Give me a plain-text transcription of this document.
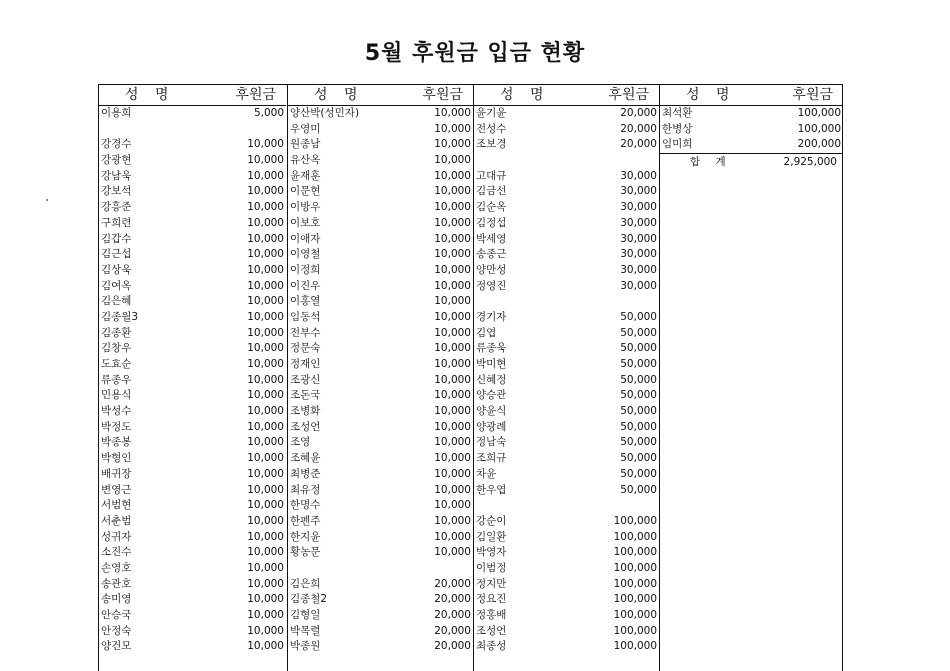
5월 후원금 입금 현황
성 명	후원금
이용희	5,000
강경수	10,000
강광현	10,000
강남욱	10,000
강보석	10,000
강흥준	10,000
구희련	10,000
김갑수	10,000
김근섭	10,000
김상욱	10,000
김여옥	10,000
김은혜	10,000
김종월3	10,000
김종환	10,000
김창우	10,000
도효순	10,000
류종우	10,000
민용식	10,000
박성수	10,000
박정도	10,000
박종봉	10,000
박형인	10,000
배귀장	10,000
변영근	10,000
서범현	10,000
서춘범	10,000
성귀자	10,000
소진수	10,000
손영호	10,000
송관호	10,000
송미영	10,000
안승국	10,000
안정숙	10,000
양건모	10,000
성 명	후원금
양산박(성민자)	10,000
우영미	10,000
원종남	10,000
유산옥	10,000
윤재훈	10,000
이문현	10,000
이방우	10,000
이보호	10,000
이애자	10,000
이영철	10,000
이정희	10,000
이진우	10,000
이홍열	10,000
임동석	10,000
전부수	10,000
정문숙	10,000
정재인	10,000
조광신	10,000
조돈국	10,000
조병화	10,000
조성언	10,000
조영	10,000
조혜윤	10,000
최병준	10,000
최유정	10,000
한명수	10,000
한펜주	10,000
한지윤	10,000
황농문	10,000
김은희	20,000
김종철2	20,000
김형일	20,000
박목렬	20,000
박종원	20,000
성 명	후원금
윤기윤	20,000
전성수	20,000
조보경	20,000
고대규	30,000
김금선	30,000
김순옥	30,000
김정섭	30,000
박세영	30,000
송종근	30,000
양만성	30,000
정영진	30,000
경기자	50,000
김엽	50,000
류종욱	50,000
박미현	50,000
신혜정	50,000
양승관	50,000
양윤식	50,000
양광례	50,000
정남숙	50,000
조희규	50,000
차윤	50,000
한우엽	50,000
강순이	100,000
김일환	100,000
박영자	100,000
이범정	100,000
정지만	100,000
정요진	100,000
정홍배	100,000
조성언	100,000
최종성	100,000
성 명	후원금
최석환	100,000
한병상	100,000
임미희	200,000
합 계	2,925,000
